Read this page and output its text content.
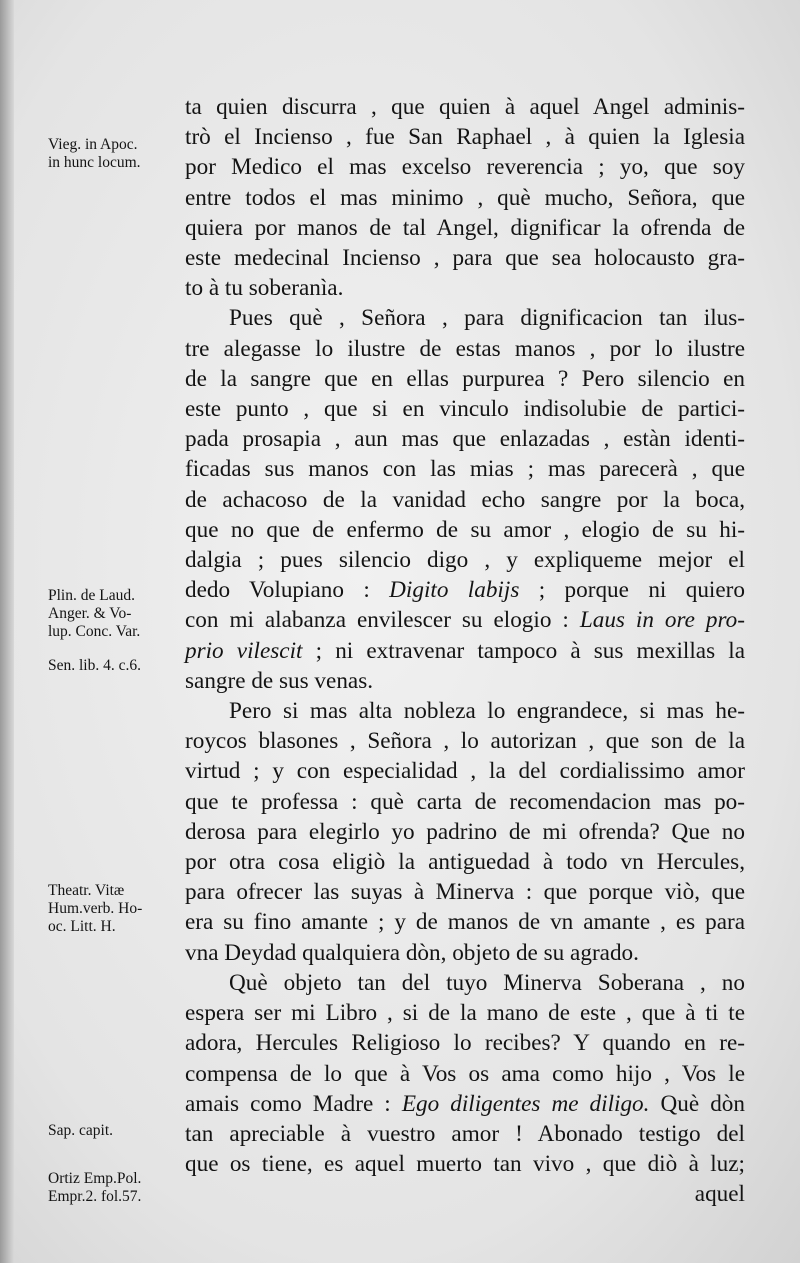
ta quien discurra , que quien à aquel Angel adminis-
trò el Incienso , fue San Raphael , à quien la Iglesia
por Medico el mas excelso reverencia ; yo, que soy
entre todos el mas minimo , què mucho, Señora, que
quiera por manos de tal Angel, dignificar la ofrenda de
este medecinal Incienso , para que sea holocausto gra-
to à tu soberanìa.
Pues què , Señora , para dignificacion tan ilus-
tre alegasse lo ilustre de estas manos , por lo ilustre
de la sangre que en ellas purpurea ? Pero silencio en
este punto , que si en vinculo indisolubie de partici-
pada prosapia , aun mas que enlazadas , estàn identi-
ficadas sus manos con las mias ; mas parecerà , que
de achacoso de la vanidad echo sangre por la boca,
que no que de enfermo de su amor , elogio de su hi-
dalgia ; pues silencio digo , y expliqueme mejor el
dedo Volupiano : Digito labijs ; porque ni quiero
con mi alabanza envilescer su elogio : Laus in ore pro-
prio vilescit ; ni extravenar tampoco à sus mexillas la
sangre de sus venas.
Pero si mas alta nobleza lo engrandece, si mas he-
roycos blasones , Señora , lo autorizan , que son de la
virtud ; y con especialidad , la del cordialissimo amor
que te professa : què carta de recomendacion mas po-
derosa para elegirlo yo padrino de mi ofrenda? Que no
por otra cosa eligiò la antiguedad à todo vn Hercules,
para ofrecer las suyas à Minerva : que porque viò, que
era su fino amante ; y de manos de vn amante , es para
vna Deydad qualquiera dòn, objeto de su agrado.
Què objeto tan del tuyo Minerva Soberana , no
espera ser mi Libro , si de la mano de este , que à ti te
adora, Hercules Religioso lo recibes? Y quando en re-
compensa de lo que à Vos os ama como hijo , Vos le
amais como Madre : Ego diligentes me diligo. Què dòn
tan apreciable à vuestro amor ! Abonado testigo del
que os tiene, es aquel muerto tan vivo , que diò à luz;
aquel
Vieg. in Apoc.
in hunc locum.
Plin. de Laud.
Anger. & Vo-
lup. Conc. Var.
Sen. lib. 4. c.6.
Theatr. Vitæ
Hum.verb. Ho-
oc. Litt. H.
Sap. capit.
Ortiz Emp.Pol.
Empr.2. fol.57.
